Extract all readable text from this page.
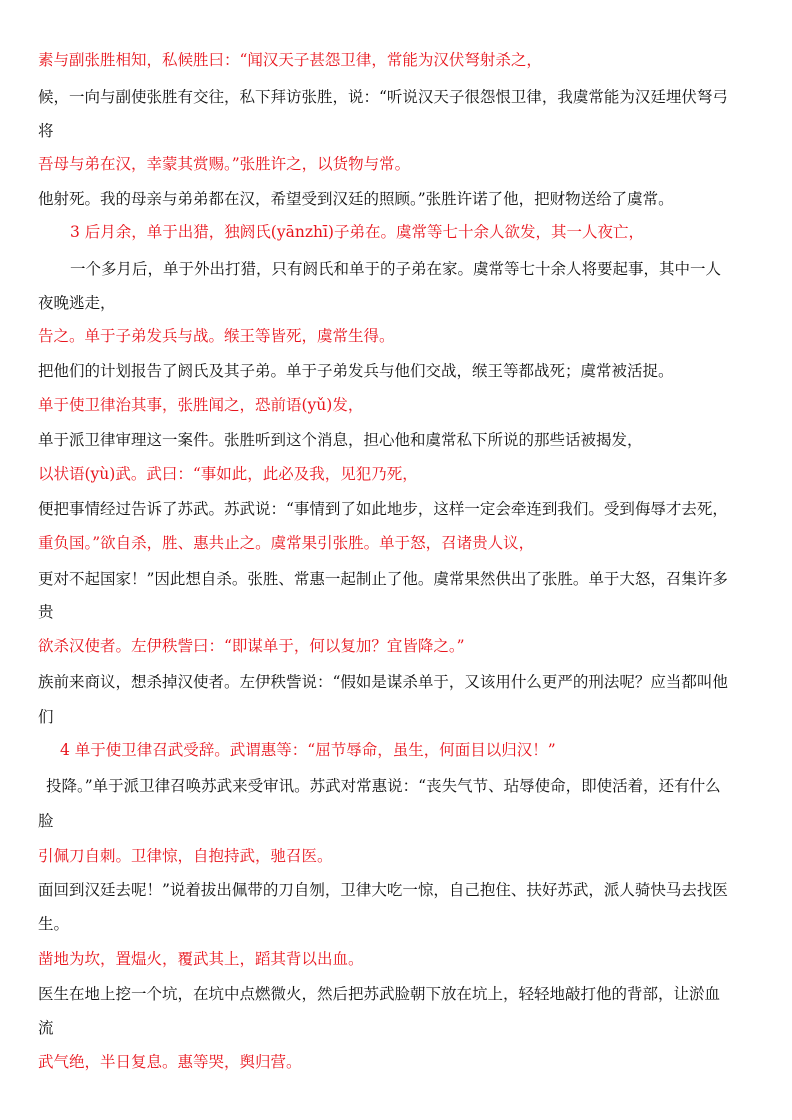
素与副张胜相知，私候胜曰：“闻汉天子甚怨卫律，常能为汉伏弩射杀之，
候，一向与副使张胜有交往，私下拜访张胜，说：“听说汉天子很怨恨卫律，我虞常能为汉廷埋伏弩弓
将
吾母与弟在汉，幸蒙其赏赐。”张胜许之，以货物与常。
他射死。我的母亲与弟弟都在汉，希望受到汉廷的照顾。”张胜许诺了他，把财物送给了虞常。
3 后月余，单于出猎，独阏氏(yānzhī)子弟在。虞常等七十余人欲发，其一人夜亡，
一个多月后，单于外出打猎，只有阏氏和单于的子弟在家。虞常等七十余人将要起事，其中一人
夜晚逃走，
告之。单于子弟发兵与战。缑王等皆死，虞常生得。
把他们的计划报告了阏氏及其子弟。单于子弟发兵与他们交战，缑王等都战死；虞常被活捉。
单于使卫律治其事，张胜闻之，恐前语(yǔ)发，
单于派卫律审理这一案件。张胜听到这个消息，担心他和虞常私下所说的那些话被揭发，
以状语(yù)武。武曰：“事如此，此必及我，见犯乃死，
便把事情经过告诉了苏武。苏武说：“事情到了如此地步，这样一定会牵连到我们。受到侮辱才去死，
重负国。”欲自杀，胜、惠共止之。虞常果引张胜。单于怒，召诸贵人议，
更对不起国家！”因此想自杀。张胜、常惠一起制止了他。虞常果然供出了张胜。单于大怒，召集许多
贵
欲杀汉使者。左伊秩訾曰：“即谋单于，何以复加？宜皆降之。”
族前来商议，想杀掉汉使者。左伊秩訾说：“假如是谋杀单于，又该用什么更严的刑法呢？应当都叫他
们
4 单于使卫律召武受辞。武谓惠等：“屈节辱命，虽生，何面目以归汉！”
投降。”单于派卫律召唤苏武来受审讯。苏武对常惠说：“丧失气节、玷辱使命，即使活着，还有什么
脸
引佩刀自刺。卫律惊，自抱持武，驰召医。
面回到汉廷去呢！”说着拔出佩带的刀自刎，卫律大吃一惊，自己抱住、扶好苏武，派人骑快马去找医
生。
凿地为坎，置煴火，覆武其上，蹈其背以出血。
医生在地上挖一个坑，在坑中点燃微火，然后把苏武脸朝下放在坑上，轻轻地敲打他的背部，让淤血
流
武气绝，半日复息。惠等哭，舆归营。
